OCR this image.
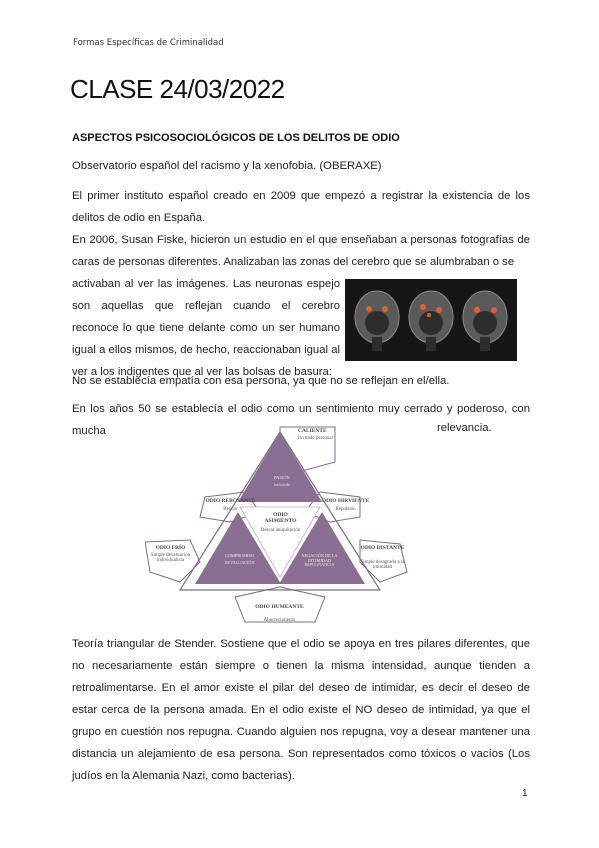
Formas Específicas de Criminalidad
CLASE 24/03/2022
ASPECTOS PSICOSOCIOLÓGICOS DE LOS DELITOS DE ODIO

Observatorio español del racismo y la xenofobia. (OBERAXE)

El primer instituto español creado en 2009 que empezó a registrar la existencia de los delitos de odio en España.

En 2006, Susan Fiske, hicieron un estudio en el que enseñaban a personas fotografías de caras de personas diferentes. Analizaban las zonas del cerebro que se alumbraban o se

activaban al ver las imágenes. Las neuronas espejo son aquellas que reflejan cuando el cerebro reconoce lo que tiene delante como un ser humano igual a ellos mismos, de hecho, reaccionaban igual al ver a los indigentes que al ver las bolsas de basura:

No se establecía empatía con esa persona, ya que no se reflejan en el/ella.

En los años 50 se establecía el odio como un sentimiento muy cerrado y poderoso, con mucha	relevancia.
CALIENTE
Invitado personal
PASIÓN
ira/miedo
ODIO REBOSANTE
Rencor
ODIO HIRVIENTE
Repulsión
ODIO ASIMIENTO
Desear aniquilación
ODIO FRÍO
Simple devaluación individualista
COMPROMISO
DEVALUACIÓN
NEGACIÓN DE LA INTIMIDAD
REPUGNANCIA
ODIO DISTANTE
Simple desagrado a la intimidad
ODIO HUMEANTE
Aborrecimiento

Teoría triangular de Stender. Sostiene que el odio se apoya en tres pilares diferentes, que no necesariamente están siempre o tienen la misma intensidad, aunque tienden a retroalimentarse. En el amor existe el pilar del deseo de intimidar, es decir el deseo de estar cerca de la persona amada. En el odio existe el NO deseo de intimidad, ya que el grupo en cuestión nos repugna. Cuando alguien nos repugna, voy a desear mantener una distancia un alejamiento de esa persona. Son representados como tóxicos o vacíos (Los judíos en la Alemania Nazi, como bacterias).

1
